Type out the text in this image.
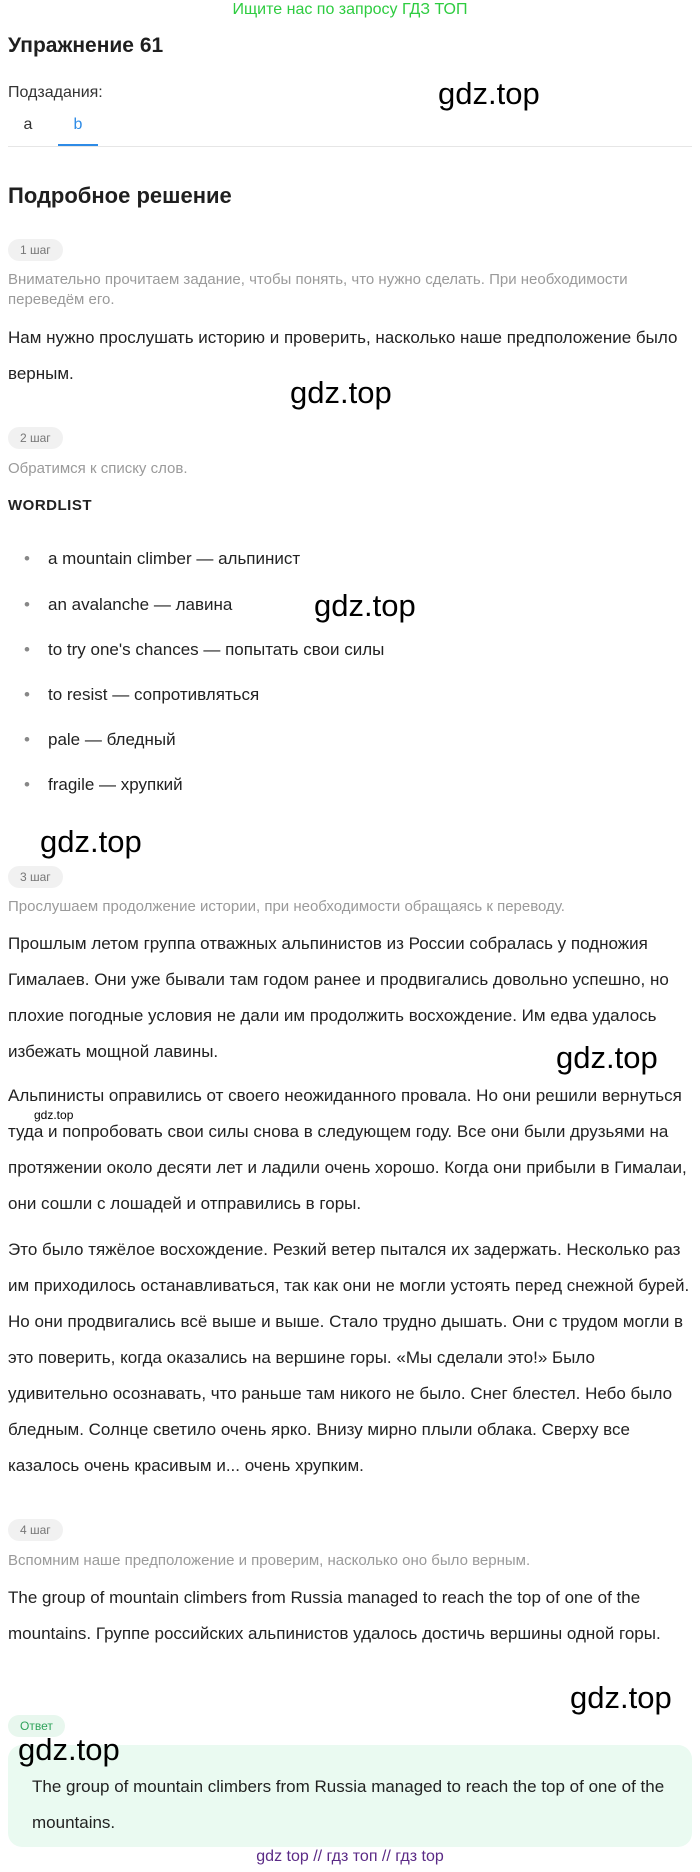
Ищите нас по запросу ГДЗ ТОП
Упражнение 61
Подзадания:	gdz.top
a	b
Подробное решение
1 шаг
Внимательно прочитаем задание, чтобы понять, что нужно сделать. При необходимости переведём его.

Нам нужно прослушать историю и проверить, насколько наше предположение было верным.

gdz.top
2 шаг
Обратимся к списку слов.
WORDLIST
• a mountain climber — альпинист
• an avalanche — лавина	gdz.top
• to try one's chances — попытать свои силы
• to resist — сопротивляться
• pale — бледный
• fragile — хрупкий
gdz.top
3 шаг
Прослушаем продолжение истории, при необходимости обращаясь к переводу.

Прошлым летом группа отважных альпинистов из России собралась у подножия Гималаев. Они уже бывали там годом ранее и продвигались довольно успешно, но плохие погодные условия не дали им продолжить восхождение. Им едва удалось избежать мощной лавины.	gdz.top

Альпинисты оправились от своего неожиданного провала. Но они решили вернуться туда и попробовать свои силы снова в следующем году. Все они были друзьями на протяжении около десяти лет и ладили очень хорошо. Когда они прибыли в Гималаи, они сошли с лошадей и отправились в горы.

gdz.top

Это было тяжёлое восхождение. Резкий ветер пытался их задержать. Несколько раз им приходилось останавливаться, так как они не могли устоять перед снежной бурей. Но они продвигались всё выше и выше. Стало трудно дышать. Они с трудом могли в это поверить, когда оказались на вершине горы. «Мы сделали это!» Было удивительно осознавать, что раньше там никого не было. Снег блестел. Небо было бледным. Солнце светило очень ярко. Внизу мирно плыли облака. Сверху все казалось очень красивым и... очень хрупким.

4 шаг
Вспомним наше предположение и проверим, насколько оно было верным.

The group of mountain climbers from Russia managed to reach the top of one of the mountains. Группе российских альпинистов удалось достичь вершины одной горы.

gdz.top
Ответ
gdz.top

The group of mountain climbers from Russia managed to reach the top of one of the mountains.

gdz top // гдз топ // гдз top
